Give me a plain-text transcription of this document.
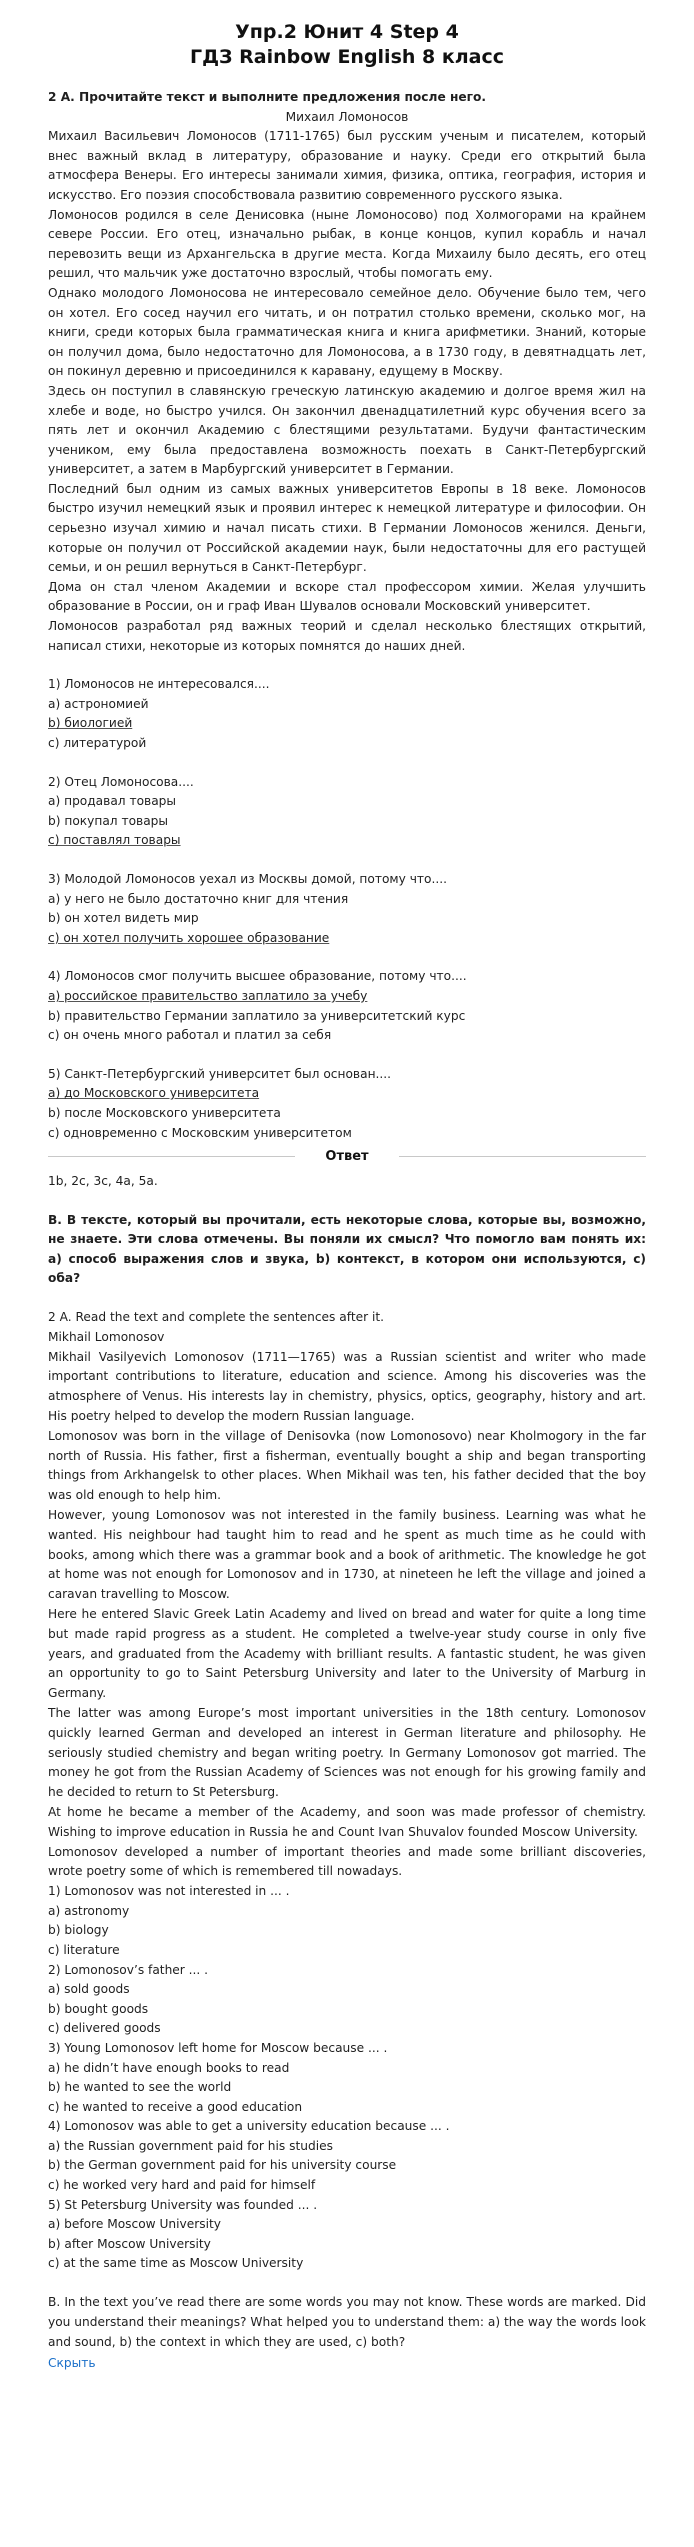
Упр.2 Юнит 4 Step 4
ГДЗ Rainbow English 8 класс

2 А. Прочитайте текст и выполните предложения после него.

Михаил Ломоносов

Михаил Васильевич Ломоносов (1711-1765) был русским ученым и писателем, который внес важный вклад в литературу, образование и науку. Среди его открытий была атмосфера Венеры. Его интересы занимали химия, физика, оптика, география, история и искусство. Его поэзия способствовала развитию современного русского языка.

Ломоносов родился в селе Денисовка (ныне Ломоносово) под Холмогорами на крайнем севере России. Его отец, изначально рыбак, в конце концов, купил корабль и начал перевозить вещи из Архангельска в другие места. Когда Михаилу было десять, его отец решил, что мальчик уже достаточно взрослый, чтобы помогать ему.

Однако молодого Ломоносова не интересовало семейное дело. Обучение было тем, чего он хотел. Его сосед научил его читать, и он потратил столько времени, сколько мог, на книги, среди которых была грамматическая книга и книга арифметики. Знаний, которые он получил дома, было недостаточно для Ломоносова, а в 1730 году, в девятнадцать лет, он покинул деревню и присоединился к каравану, едущему в Москву.

Здесь он поступил в славянскую греческую латинскую академию и долгое время жил на хлебе и воде, но быстро учился. Он закончил двенадцатилетний курс обучения всего за пять лет и окончил Академию с блестящими результатами. Будучи фантастическим учеником, ему была предоставлена возможность поехать в Санкт-Петербургский университет, а затем в Марбургский университет в Германии.

Последний был одним из самых важных университетов Европы в 18 веке. Ломоносов быстро изучил немецкий язык и проявил интерес к немецкой литературе и философии. Он серьезно изучал химию и начал писать стихи. В Германии Ломоносов женился. Деньги, которые он получил от Российской академии наук, были недостаточны для его растущей семьи, и он решил вернуться в Санкт-Петербург.

Дома он стал членом Академии и вскоре стал профессором химии. Желая улучшить образование в России, он и граф Иван Шувалов основали Московский университет.

Ломоносов разработал ряд важных теорий и сделал несколько блестящих открытий, написал стихи, некоторые из которых помнятся до наших дней.

1) Ломоносов не интересовался....

a) астрономией

b) биологией

c) литературой

2) Отец Ломоносова....

a) продавал товары

b) покупал товары

c) поставлял товары

3) Молодой Ломоносов уехал из Москвы домой, потому что....

a) у него не было достаточно книг для чтения

b) он хотел видеть мир

c) он хотел получить хорошее образование

4) Ломоносов смог получить высшее образование, потому что....

a) российское правительство заплатило за учебу

b) правительство Германии заплатило за университетский курс

c) он очень много работал и платил за себя

5) Санкт-Петербургский университет был основан....

a) до Московского университета

b) после Московского университета

c) одновременно с Московским университетом

Ответ

1b, 2c, 3c, 4a, 5a.

B. В тексте, который вы прочитали, есть некоторые слова, которые вы, возможно, не знаете. Эти слова отмечены. Вы поняли их смысл? Что помогло вам понять их: a) способ выражения слов и звука, b) контекст, в котором они используются, c) оба?

2 A. Read the text and complete the sentences after it.

Mikhail Lomonosov

Mikhail Vasilyevich Lomonosov (1711—1765) was a Russian scientist and writer who made important contributions to literature, education and science. Among his discoveries was the atmosphere of Venus. His interests lay in chemistry, physics, optics, geography, history and art. His poetry helped to develop the modern Russian language.

Lomonosov was born in the village of Denisovka (now Lomonosovo) near Kholmogory in the far north of Russia. His father, first a fisherman, eventually bought a ship and began transporting things from Arkhangelsk to other places. When Mikhail was ten, his father decided that the boy was old enough to help him.

However, young Lomonosov was not interested in the family business. Learning was what he wanted. His neighbour had taught him to read and he spent as much time as he could with books, among which there was a grammar book and a book of arithmetic. The knowledge he got at home was not enough for Lomonosov and in 1730, at nineteen he left the village and joined a caravan travelling to Moscow.

Here he entered Slavic Greek Latin Academy and lived on bread and water for quite a long time but made rapid progress as a student. He completed a twelve-year study course in only five years, and graduated from the Academy with brilliant results. A fantastic student, he was given an opportunity to go to Saint Petersburg University and later to the University of Marburg in Germany.

The latter was among Europe’s most important universities in the 18th century. Lomonosov quickly learned German and developed an interest in German literature and philosophy. He seriously studied chemistry and began writing poetry. In Germany Lomonosov got married. The money he got from the Russian Academy of Sciences was not enough for his growing family and he decided to return to St Petersburg.

At home he became a member of the Academy, and soon was made professor of chemistry. Wishing to improve education in Russia he and Count Ivan Shuvalov founded Moscow University.

Lomonosov developed a number of important theories and made some brilliant discoveries, wrote poetry some of which is remembered till nowadays.

1) Lomonosov was not interested in ... .

a) astronomy

b) biology

c) literature

2) Lomonosov’s father ... .

a) sold goods

b) bought goods

c) delivered goods

3) Young Lomonosov left home for Moscow because ... .

a) he didn’t have enough books to read

b) he wanted to see the world

c) he wanted to receive a good education

4) Lomonosov was able to get a university education because ... .

a) the Russian government paid for his studies

b) the German government paid for his university course

c) he worked very hard and paid for himself

5) St Petersburg University was founded ... .

a) before Moscow University

b) after Moscow University

c) at the same time as Moscow University

B. In the text you’ve read there are some words you may not know. These words are marked. Did you understand their meanings? What helped you to understand them: a) the way the words look and sound, b) the context in which they are used, c) both?

Скрыть
